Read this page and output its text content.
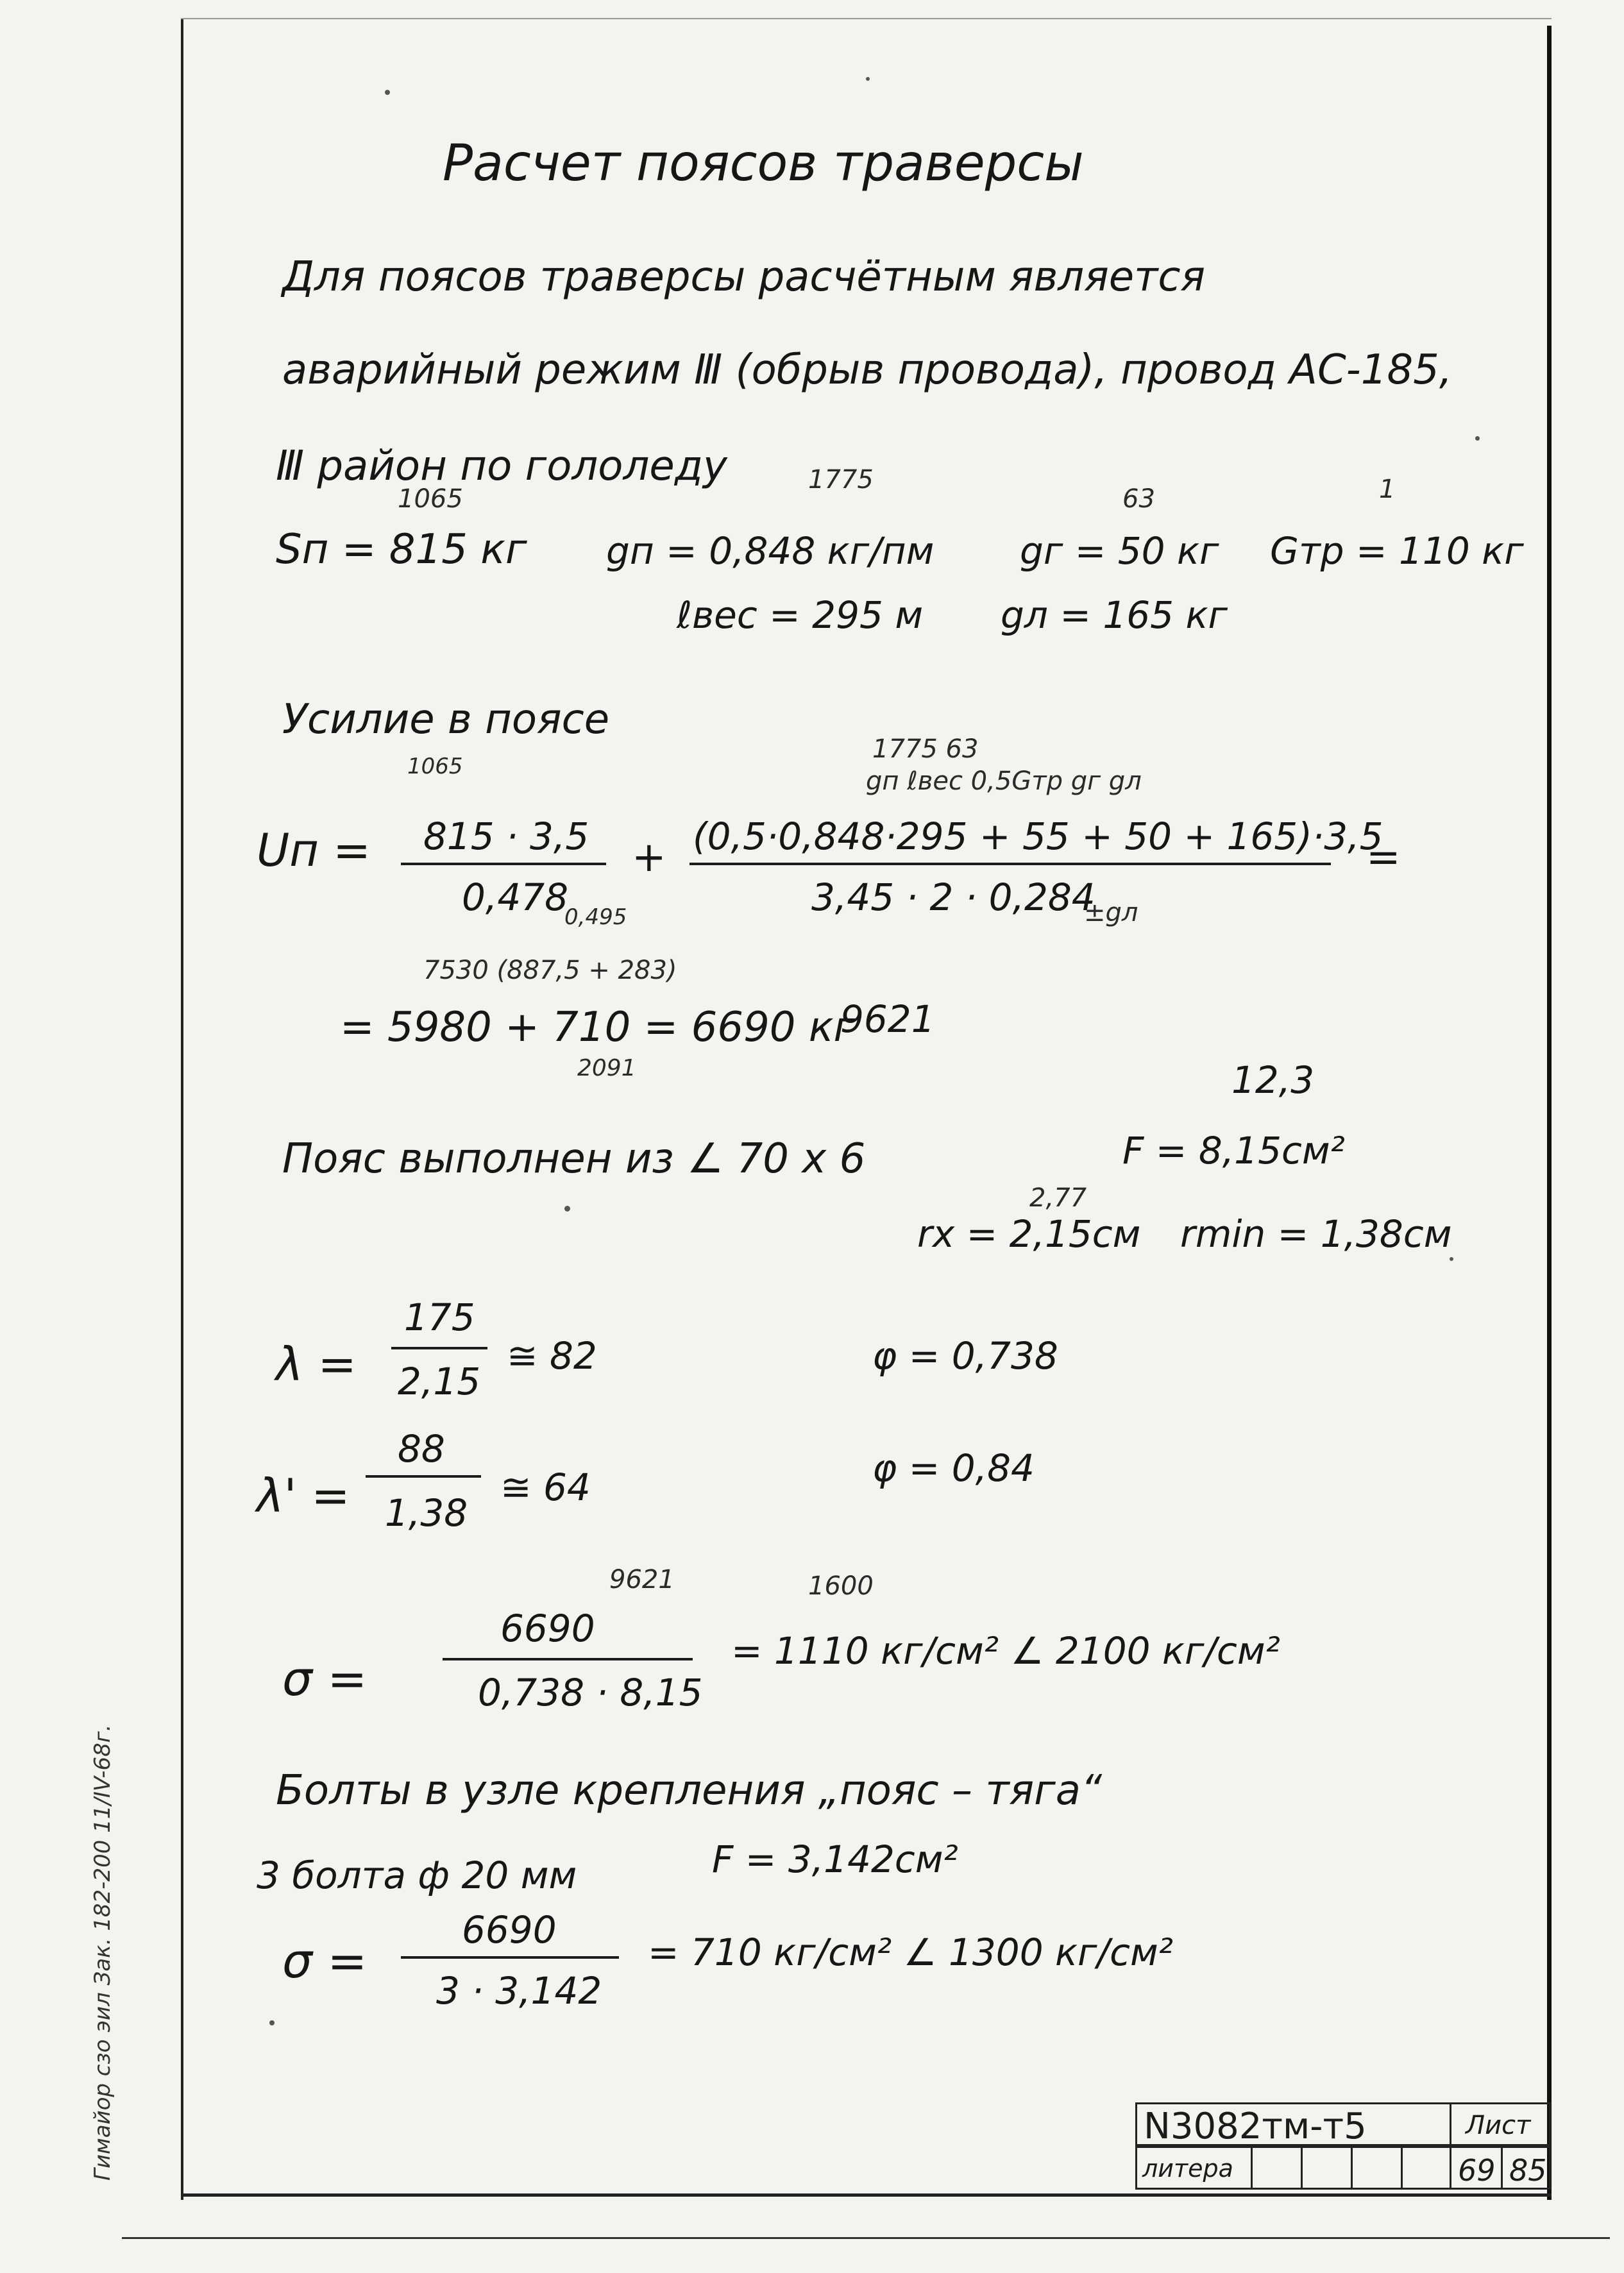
Расчет поясов траверсы
Для поясов траверсы расчётным является
аварийный режим Ⅲ (обрыв провода), провод АС-185,
Ⅲ район по гололеду
1065
1775
63	1
Sп = 815 кг gп = 0,848 кг/пм gг = 50 кг Gтр = 110 кг
ℓвес = 295 м gл = 165 кг
Усилие в поясе
1065
1775 63
gп ℓвес 0,5Gтр gг gл
Uп = 815 · 3,5
0,478
0,495
+ (0,5·0,848·295 + 55 + 50 + 165)·3,5
3,45 · 2 · 0,284
±gл
=
7530 (887,5 + 283)
= 5980 + 710 = 6690 кг
2091
9621
Пояс выполнен из ∠ 70 х 6	F = 8,15см²
12,3
2,77
rх = 2,15см rmin = 1,38см
λ =
175
2,15
≅ 82	φ = 0,738
λ' =
88
1,38
≅ 64	φ = 0,84
9621	1600
σ =
6690
0,738 · 8,15
= 1110 кг/см² ∠ 2100 кг/см²
Болты в узле крепления „пояс – тяга“
3 болта ф 20 мм	F = 3,142см²
σ =
6690
3 · 3,142
= 710 кг/см² ∠ 1300 кг/см²
Гимайор сзо эил Зак. 182-200 11/IV-68г.	N3082тм-т5	Лист
литера	69 85
